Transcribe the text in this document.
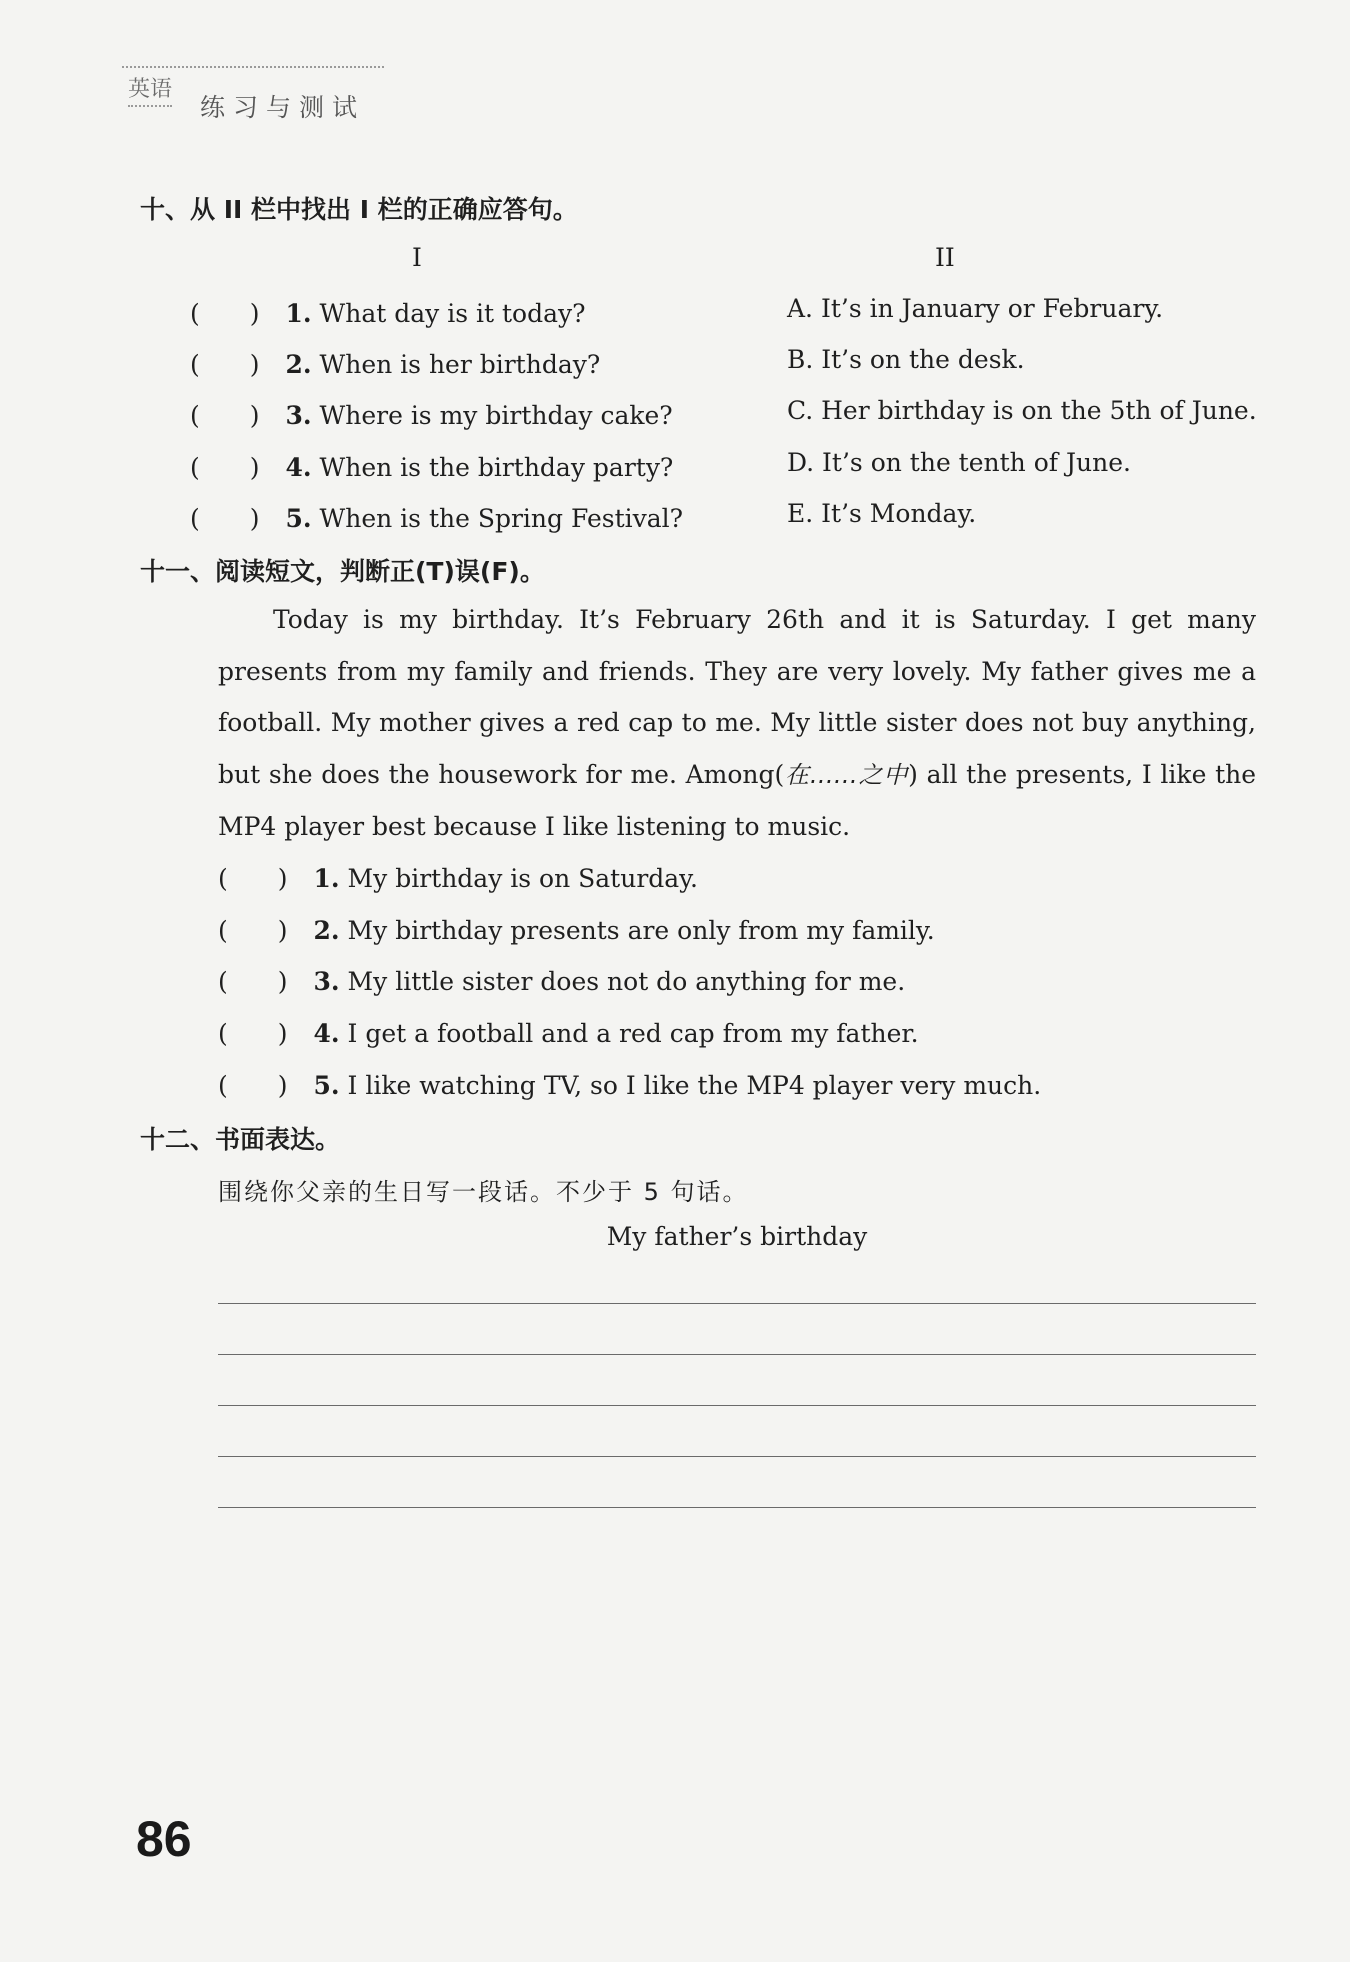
英语
练习与测试
十、从 II 栏中找出 I 栏的正确应答句。
I	II
(　　) 1. What day is it today?
(　　) 2. When is her birthday?
(　　) 3. Where is my birthday cake?
(　　) 4. When is the birthday party?
(　　) 5. When is the Spring Festival?
A. It’s in January or February.
B. It’s on the desk.
C. Her birthday is on the 5th of June.
D. It’s on the tenth of June.
E. It’s Monday.
十一、阅读短文，判断正(T)误(F)。

Today is my birthday. It’s February 26th and it is Saturday. I get many presents from my family and friends. They are very lovely. My father gives me a football. My mother gives a red cap to me. My little sister does not buy anything, but she does the housework for me. Among(在……之中) all the presents, I like the MP4 player best because I like listening to music.

(　　) 1. My birthday is on Saturday.
(　　) 2. My birthday presents are only from my family.
(　　) 3. My little sister does not do anything for me.
(　　) 4. I get a football and a red cap from my father.
(　　) 5. I like watching TV, so I like the MP4 player very much.
十二、书面表达。
围绕你父亲的生日写一段话。不少于 5 句话。
My father’s birthday
86
